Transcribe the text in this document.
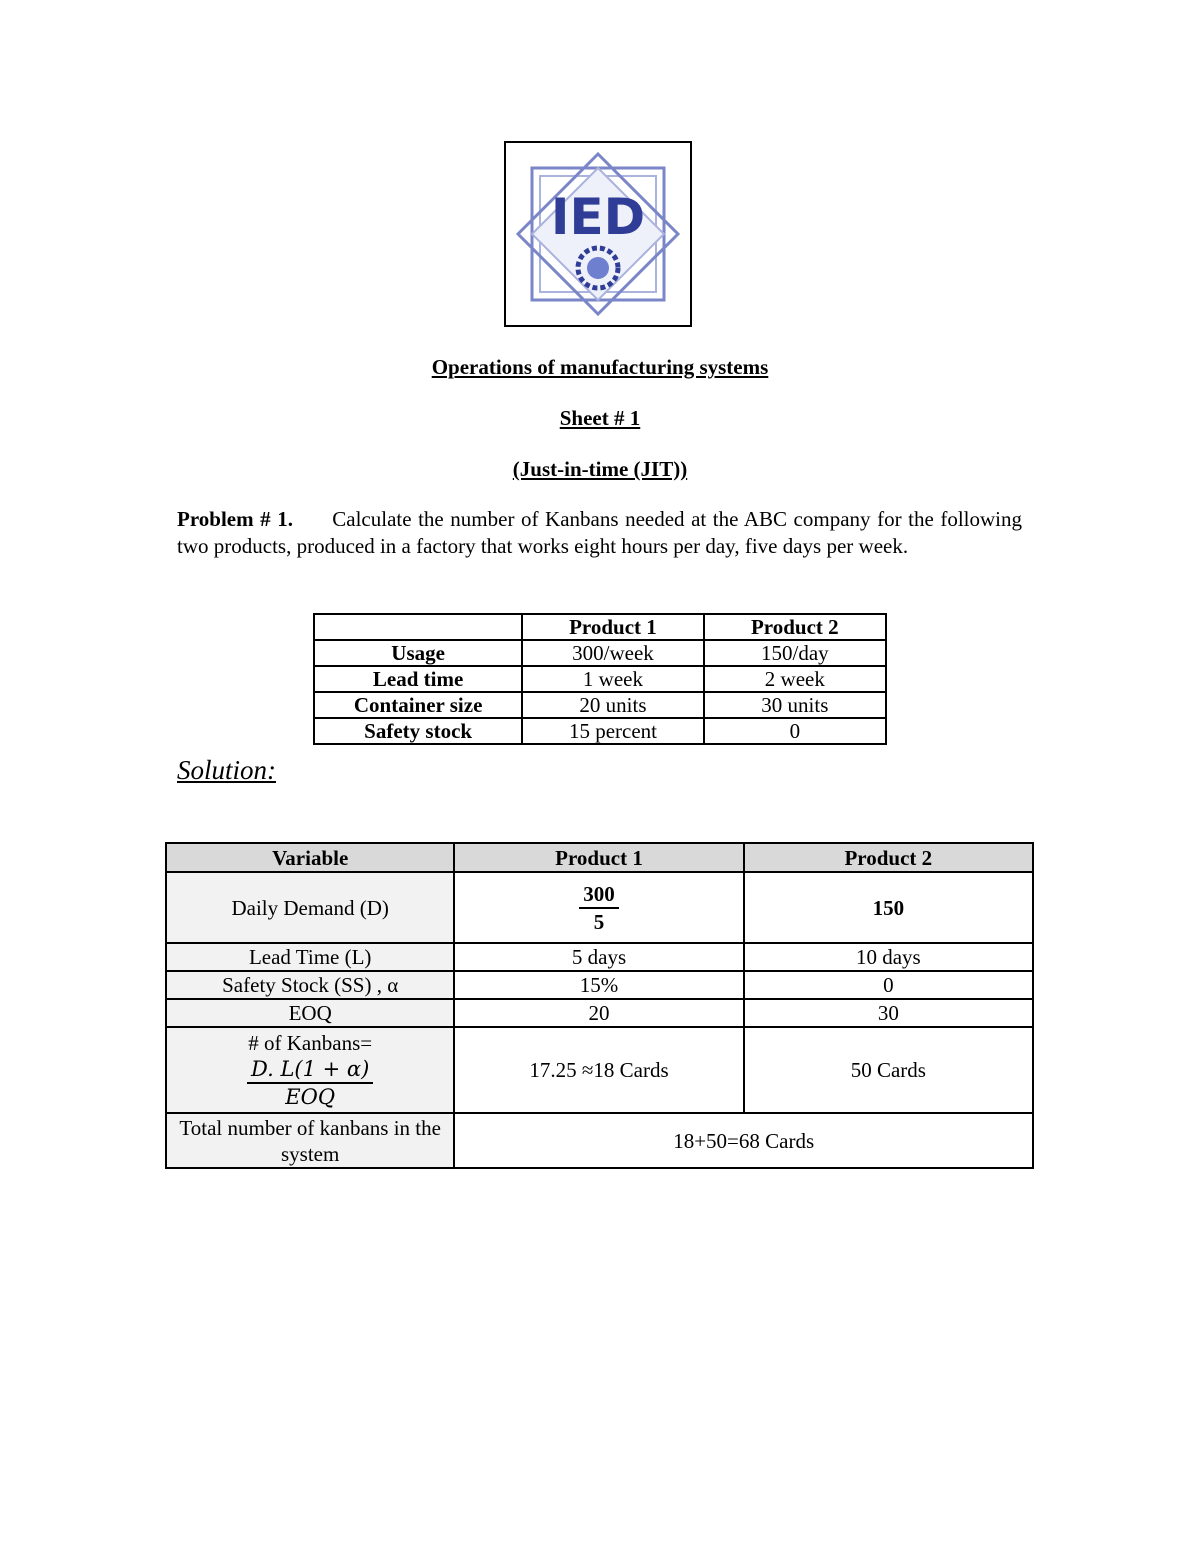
IED
Operations of manufacturing systems
Sheet # 1
(Just-in-time (JIT))
Problem # 1. Calculate the number of Kanbans needed at the ABC company for the following two products, produced in a factory that works eight hours per day, five days per week.
	Product 1	Product 2
Usage	300/week	150/day
Lead time	1 week	2 week
Container size	20 units	30 units
Safety stock	15 percent	0
Solution:
Variable	Product 1	Product 2
Daily Demand (D)	$\frac{300}{5}$	150
Lead Time (L)	5 days	10 days
Safety Stock (SS) , α	15%	0
EOQ	20	30

# of Kanbans=
$\frac{D. L(1 + \alpha)}{\text{EOQ}}$	17.25 ≈18 Cards	50 Cards
Total number of kanbans in the system	18+50=68 Cards	
